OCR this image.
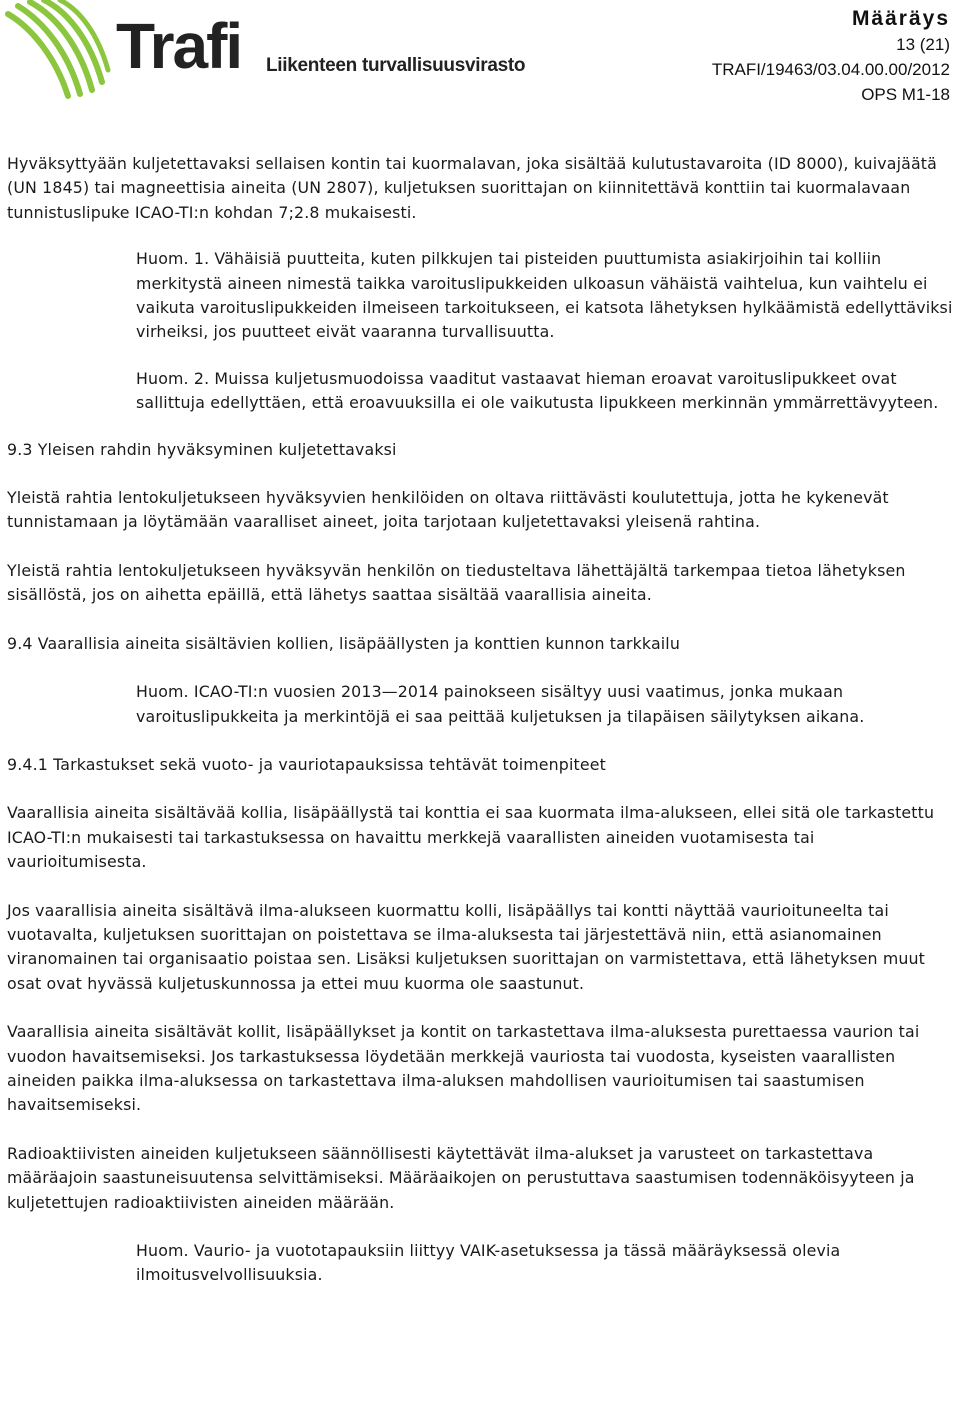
Trafi Liikenteen turvallisuusvirasto
Määräys
13 (21)
TRAFI/19463/03.04.00.00/2012
OPS M1-18

Hyväksyttyään kuljetettavaksi sellaisen kontin tai kuormalavan, joka sisältää kulutustavaroita (ID 8000), kuivajäätä (UN 1845) tai magneettisia aineita (UN 2807), kuljetuksen suorittajan on kiinnitettävä konttiin tai kuormalavaan tunnistuslipuke ICAO-TI:n kohdan 7;2.8 mukaisesti.

Huom. 1. Vähäisiä puutteita, kuten pilkkujen tai pisteiden puuttumista asiakirjoihin tai kolliin merkitystä aineen nimestä taikka varoituslipukkeiden ulkoasun vähäistä vaihtelua, kun vaihtelu ei vaikuta varoituslipukkeiden ilmeiseen tarkoitukseen, ei katsota lähetyksen hylkäämistä edellyttäviksi virheiksi, jos puutteet eivät vaaranna turvallisuutta.

Huom. 2. Muissa kuljetusmuodoissa vaaditut vastaavat hieman eroavat varoituslipukkeet ovat sallittuja edellyttäen, että eroavuuksilla ei ole vaikutusta lipukkeen merkinnän ymmärrettävyyteen.

9.3 Yleisen rahdin hyväksyminen kuljetettavaksi

Yleistä rahtia lentokuljetukseen hyväksyvien henkilöiden on oltava riittävästi koulutettuja, jotta he kykenevät tunnistamaan ja löytämään vaaralliset aineet, joita tarjotaan kuljetettavaksi yleisenä rahtina.

Yleistä rahtia lentokuljetukseen hyväksyvän henkilön on tiedusteltava lähettäjältä tarkempaa tietoa lähetyksen sisällöstä, jos on aihetta epäillä, että lähetys saattaa sisältää vaarallisia aineita.

9.4 Vaarallisia aineita sisältävien kollien, lisäpäällysten ja konttien kunnon tarkkailu

Huom. ICAO-TI:n vuosien 2013—2014 painokseen sisältyy uusi vaatimus, jonka mukaan varoituslipukkeita ja merkintöjä ei saa peittää kuljetuksen ja tilapäisen säilytyksen aikana.

9.4.1 Tarkastukset sekä vuoto- ja vauriotapauksissa tehtävät toimenpiteet

Vaarallisia aineita sisältävää kollia, lisäpäällystä tai konttia ei saa kuormata ilma-alukseen, ellei sitä ole tarkastettu ICAO-TI:n mukaisesti tai tarkastuksessa on havaittu merkkejä vaarallisten aineiden vuotamisesta tai vaurioitumisesta.

Jos vaarallisia aineita sisältävä ilma-alukseen kuormattu kolli, lisäpäällys tai kontti näyttää vaurioituneelta tai vuotavalta, kuljetuksen suorittajan on poistettava se ilma-aluksesta tai järjestettävä niin, että asianomainen viranomainen tai organisaatio poistaa sen. Lisäksi kuljetuksen suorittajan on varmistettava, että lähetyksen muut osat ovat hyvässä kuljetuskunnossa ja ettei muu kuorma ole saastunut.

Vaarallisia aineita sisältävät kollit, lisäpäällykset ja kontit on tarkastettava ilma-aluksesta purettaessa vaurion tai vuodon havaitsemiseksi. Jos tarkastuksessa löydetään merkkejä vauriosta tai vuodosta, kyseisten vaarallisten aineiden paikka ilma-aluksessa on tarkastettava ilma-aluksen mahdollisen vaurioitumisen tai saastumisen havaitsemiseksi.

Radioaktiivisten aineiden kuljetukseen säännöllisesti käytettävät ilma-alukset ja varusteet on tarkastettava määräajoin saastuneisuutensa selvittämiseksi. Määräaikojen on perustuttava saastumisen todennäköisyyteen ja kuljetettujen radioaktiivisten aineiden määrään.

Huom. Vaurio- ja vuototapauksiin liittyy VAIK-asetuksessa ja tässä määräyksessä olevia ilmoitusvelvollisuuksia.
